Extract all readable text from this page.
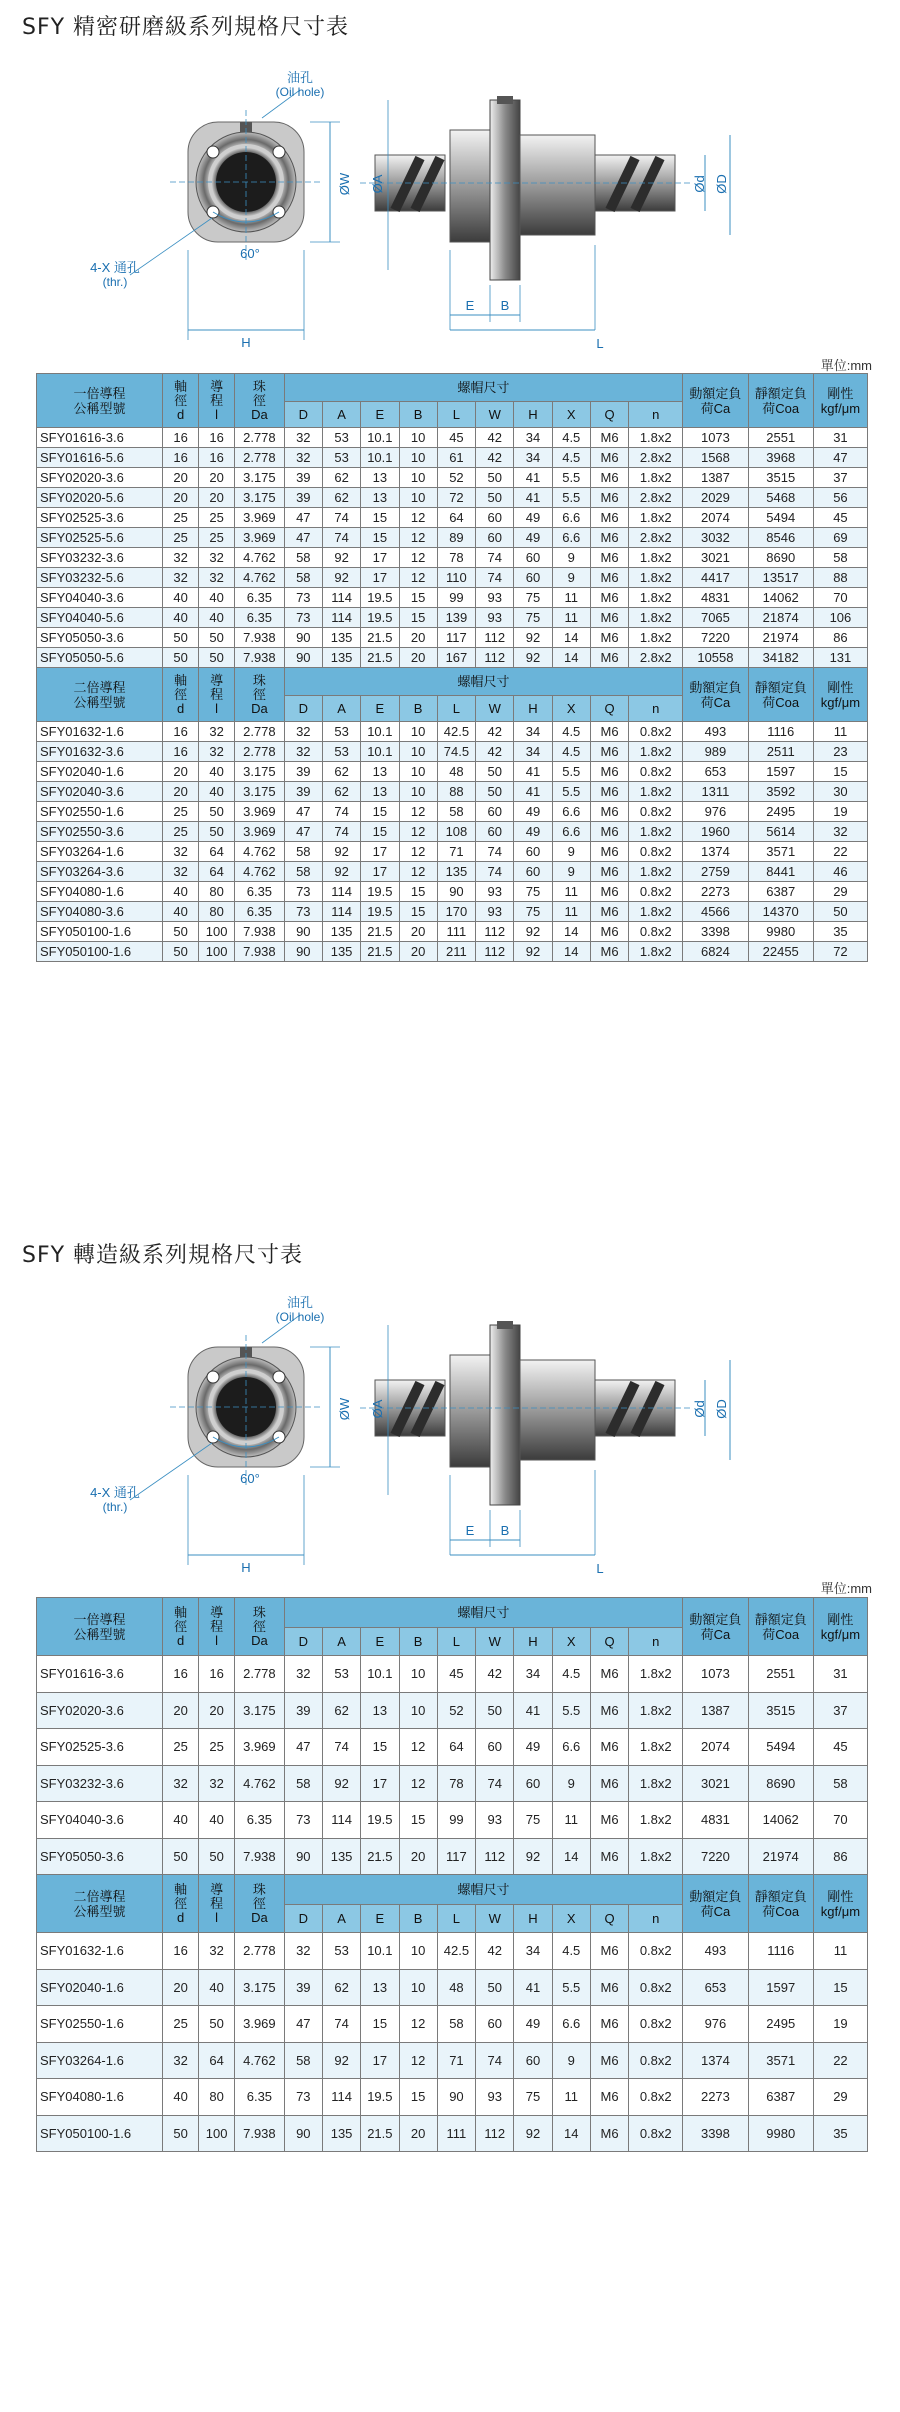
SFY 精密研磨級系列規格尺寸表
油孔
(Oil hole)
4-X 通孔
(thr.)
60°
H
ØW ØA	Ød ØD
E B
L
單位:mm
一倍導程
公稱型號	軸徑d	導程l	珠徑Da	螺帽尺寸										動額定負荷Ca	靜額定負荷Coa	剛性kgf/μm
				D	A	E	B	L	W	H	X	Q	n			
SFY01616-3.6	16	16	2.778	32	53	10.1	10	45	42	34	4.5	M6	1.8x2	1073	2551	31
SFY01616-5.6	16	16	2.778	32	53	10.1	10	61	42	34	4.5	M6	2.8x2	1568	3968	47
SFY02020-3.6	20	20	3.175	39	62	13	10	52	50	41	5.5	M6	1.8x2	1387	3515	37
SFY02020-5.6	20	20	3.175	39	62	13	10	72	50	41	5.5	M6	2.8x2	2029	5468	56
SFY02525-3.6	25	25	3.969	47	74	15	12	64	60	49	6.6	M6	1.8x2	2074	5494	45
SFY02525-5.6	25	25	3.969	47	74	15	12	89	60	49	6.6	M6	2.8x2	3032	8546	69
SFY03232-3.6	32	32	4.762	58	92	17	12	78	74	60	9	M6	1.8x2	3021	8690	58
SFY03232-5.6	32	32	4.762	58	92	17	12	110	74	60	9	M6	1.8x2	4417	13517	88
SFY04040-3.6	40	40	6.35	73	114	19.5	15	99	93	75	11	M6	1.8x2	4831	14062	70
SFY04040-5.6	40	40	6.35	73	114	19.5	15	139	93	75	11	M6	1.8x2	7065	21874	106
SFY05050-3.6	50	50	7.938	90	135	21.5	20	117	112	92	14	M6	1.8x2	7220	21974	86
SFY05050-5.6	50	50	7.938	90	135	21.5	20	167	112	92	14	M6	2.8x2	10558	34182	131

二倍導程
公稱型號	軸徑d	導程l	珠徑Da	螺帽尺寸										動額定負荷Ca	靜額定負荷Coa	剛性kgf/μm
				D	A	E	B	L	W	H	X	Q	n			
SFY01632-1.6	16	32	2.778	32	53	10.1	10	42.5	42	34	4.5	M6	0.8x2	493	1116	11
SFY01632-3.6	16	32	2.778	32	53	10.1	10	74.5	42	34	4.5	M6	1.8x2	989	2511	23
SFY02040-1.6	20	40	3.175	39	62	13	10	48	50	41	5.5	M6	0.8x2	653	1597	15
SFY02040-3.6	20	40	3.175	39	62	13	10	88	50	41	5.5	M6	1.8x2	1311	3592	30
SFY02550-1.6	25	50	3.969	47	74	15	12	58	60	49	6.6	M6	0.8x2	976	2495	19
SFY02550-3.6	25	50	3.969	47	74	15	12	108	60	49	6.6	M6	1.8x2	1960	5614	32
SFY03264-1.6	32	64	4.762	58	92	17	12	71	74	60	9	M6	0.8x2	1374	3571	22
SFY03264-3.6	32	64	4.762	58	92	17	12	135	74	60	9	M6	1.8x2	2759	8441	46
SFY04080-1.6	40	80	6.35	73	114	19.5	15	90	93	75	11	M6	0.8x2	2273	6387	29
SFY04080-3.6	40	80	6.35	73	114	19.5	15	170	93	75	11	M6	1.8x2	4566	14370	50
SFY050100-1.6	50	100	7.938	90	135	21.5	20	111	112	92	14	M6	0.8x2	3398	9980	35
SFY050100-1.6	50	100	7.938	90	135	21.5	20	211	112	92	14	M6	1.8x2	6824	22455	72
SFY 轉造級系列規格尺寸表
油孔
(Oil hole)
4-X 通孔
(thr.)
60°
H
ØW ØA	Ød ØD
E B
L
單位:mm
一倍導程
公稱型號	軸徑d	導程l	珠徑Da	螺帽尺寸										動額定負荷Ca	靜額定負荷Coa	剛性kgf/μm
				D	A	E	B	L	W	H	X	Q	n			
SFY01616-3.6	16	16	2.778	32	53	10.1	10	45	42	34	4.5	M6	1.8x2	1073	2551	31
SFY02020-3.6	20	20	3.175	39	62	13	10	52	50	41	5.5	M6	1.8x2	1387	3515	37
SFY02525-3.6	25	25	3.969	47	74	15	12	64	60	49	6.6	M6	1.8x2	2074	5494	45
SFY03232-3.6	32	32	4.762	58	92	17	12	78	74	60	9	M6	1.8x2	3021	8690	58
SFY04040-3.6	40	40	6.35	73	114	19.5	15	99	93	75	11	M6	1.8x2	4831	14062	70
SFY05050-3.6	50	50	7.938	90	135	21.5	20	117	112	92	14	M6	1.8x2	7220	21974	86

二倍導程
公稱型號	軸徑d	導程l	珠徑Da	螺帽尺寸										動額定負荷Ca	靜額定負荷Coa	剛性kgf/μm
				D	A	E	B	L	W	H	X	Q	n			
SFY01632-1.6	16	32	2.778	32	53	10.1	10	42.5	42	34	4.5	M6	0.8x2	493	1116	11
SFY02040-1.6	20	40	3.175	39	62	13	10	48	50	41	5.5	M6	0.8x2	653	1597	15
SFY02550-1.6	25	50	3.969	47	74	15	12	58	60	49	6.6	M6	0.8x2	976	2495	19
SFY03264-1.6	32	64	4.762	58	92	17	12	71	74	60	9	M6	0.8x2	1374	3571	22
SFY04080-1.6	40	80	6.35	73	114	19.5	15	90	93	75	11	M6	0.8x2	2273	6387	29
SFY050100-1.6	50	100	7.938	90	135	21.5	20	111	112	92	14	M6	0.8x2	3398	9980	35
